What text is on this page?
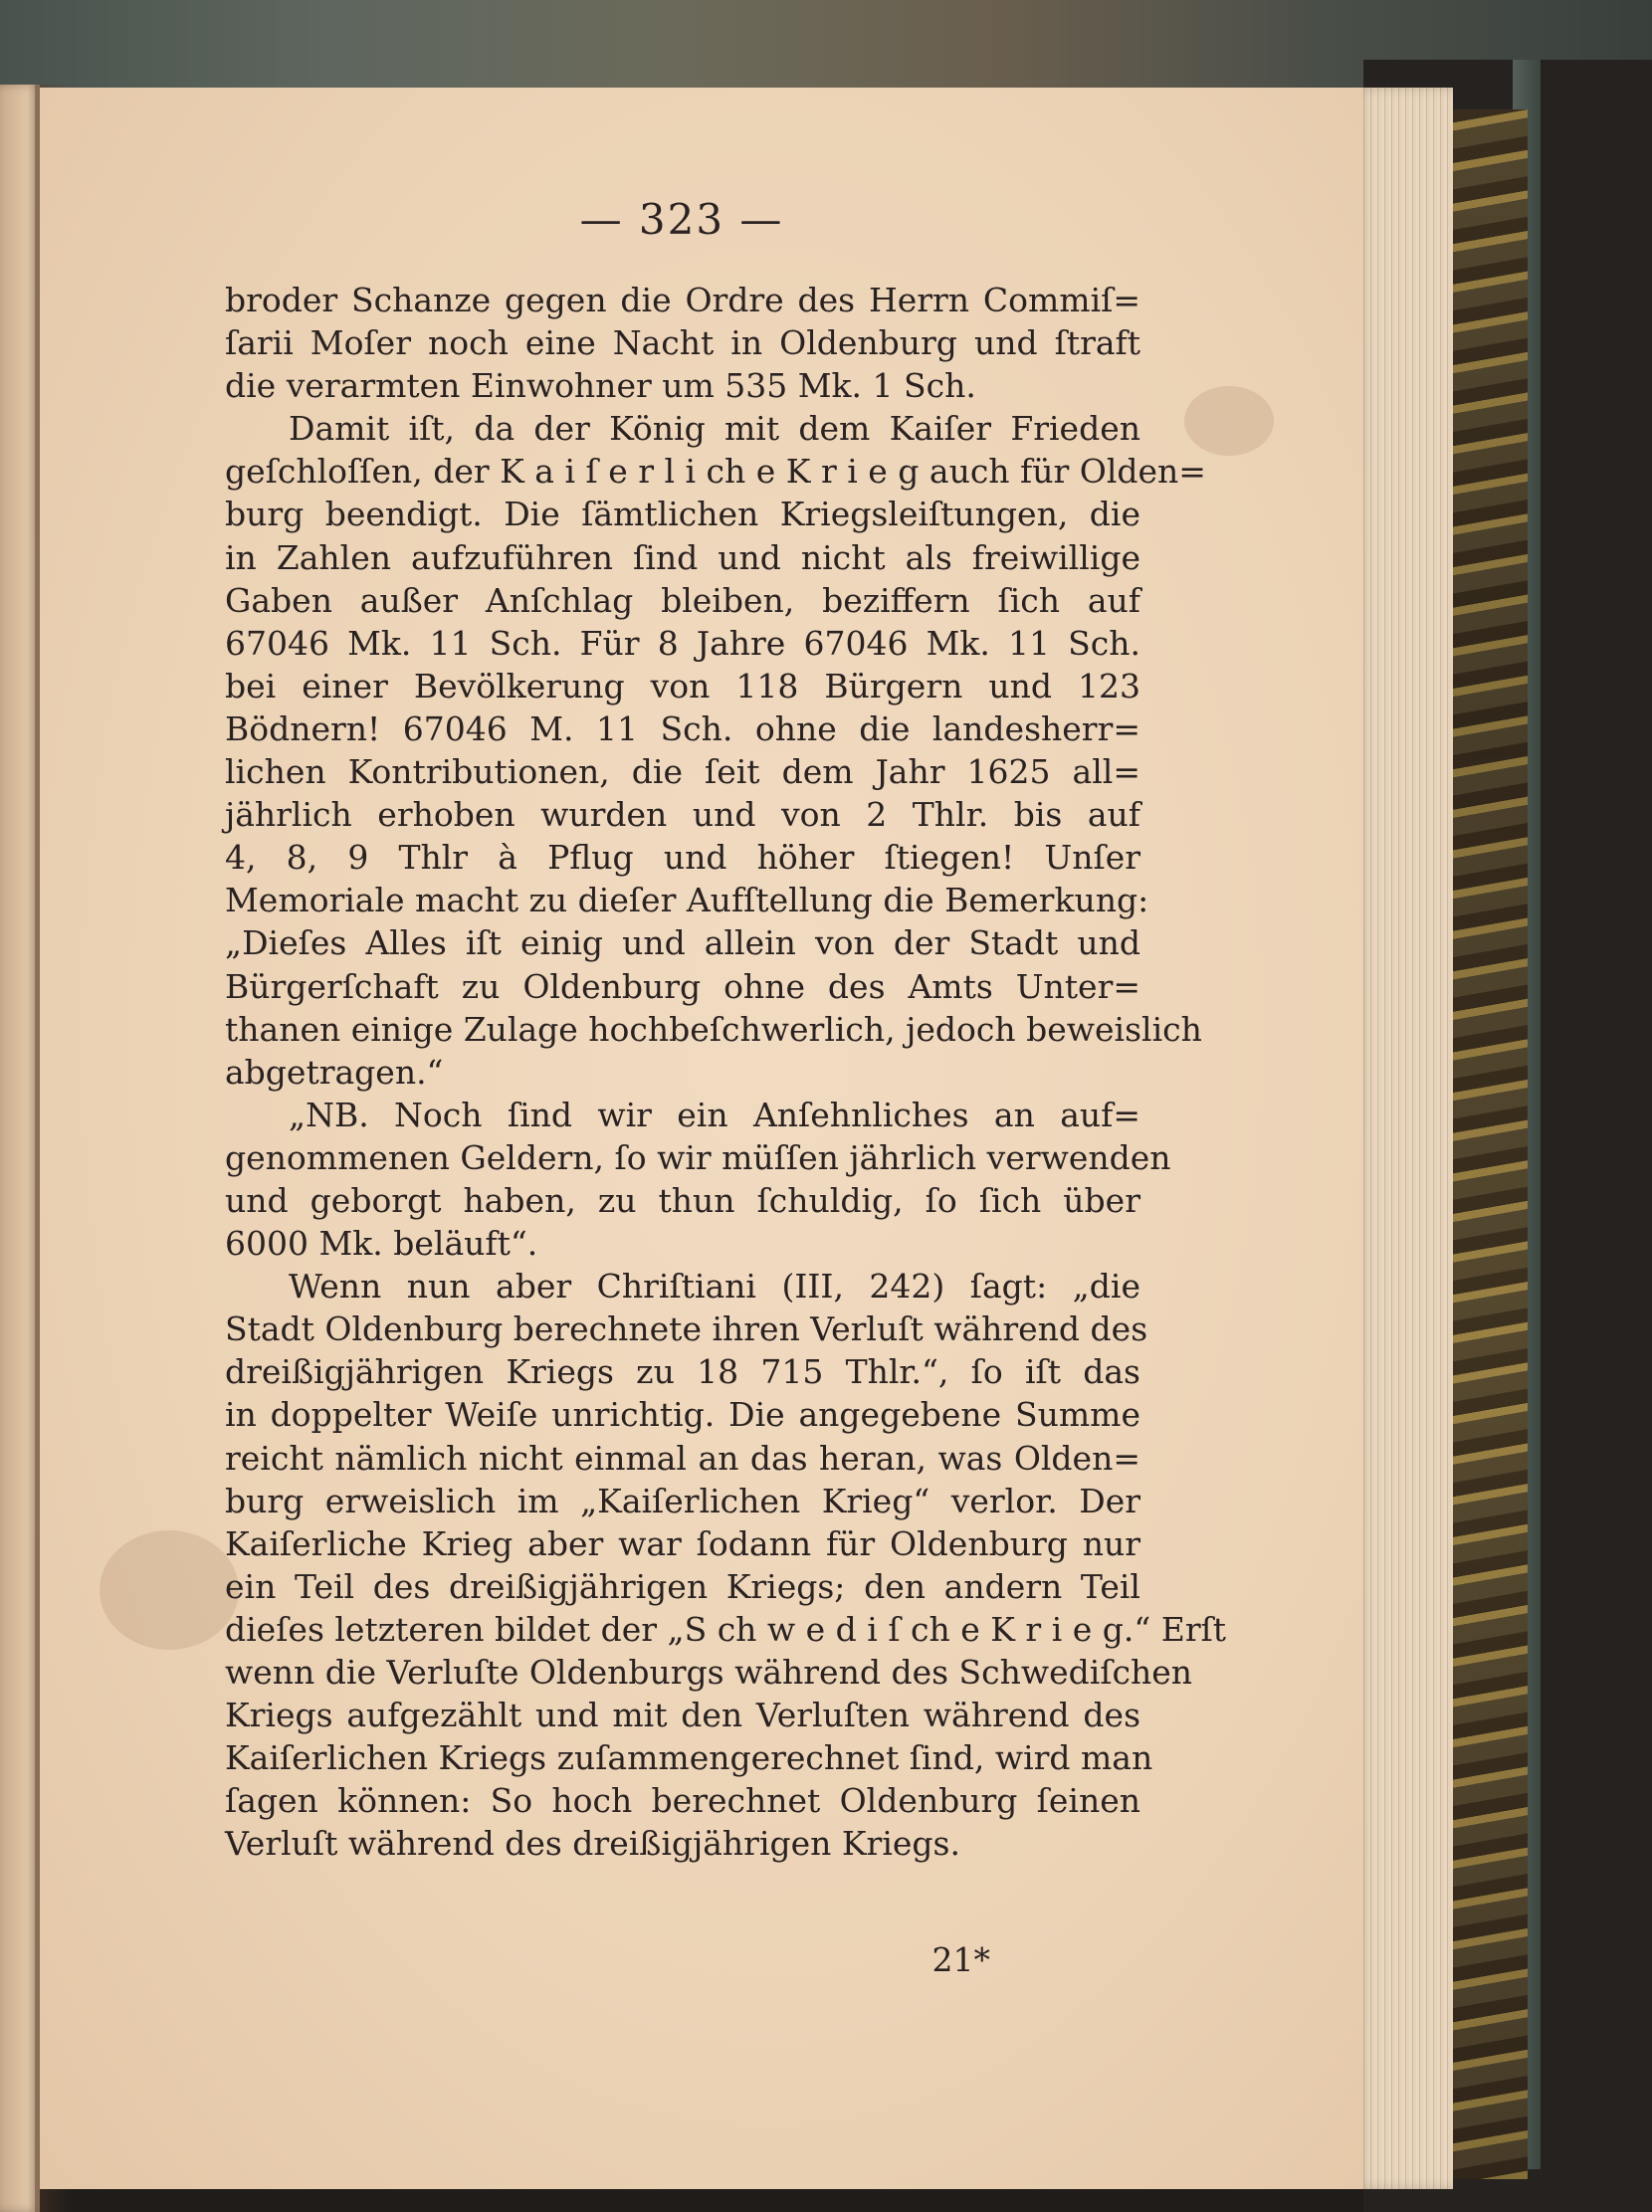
— 323 —
broder Schanze gegen die Ordre des Herrn Commiſ=
ſarii Moſer noch eine Nacht in Oldenburg und ſtraft
die verarmten Einwohner um 535 Mk. 1 Sch.
Damit iſt, da der König mit dem Kaiſer Frieden
geſchloſſen, der K a i ſ e r l i ch e K r i e g auch für Olden=
burg beendigt. Die ſämtlichen Kriegsleiſtungen, die
in Zahlen aufzuführen ſind und nicht als freiwillige
Gaben außer Anſchlag bleiben, beziffern ſich auf
67046 Mk. 11 Sch. Für 8 Jahre 67046 Mk. 11 Sch.
bei einer Bevölkerung von 118 Bürgern und 123
Bödnern! 67046 M. 11 Sch. ohne die landesherr=
lichen Kontributionen, die ſeit dem Jahr 1625 all=
jährlich erhoben wurden und von 2 Thlr. bis auf
4, 8, 9 Thlr à Pflug und höher ſtiegen! Unſer
Memoriale macht zu dieſer Aufſtellung die Bemerkung:
„Dieſes Alles iſt einig und allein von der Stadt und
Bürgerſchaft zu Oldenburg ohne des Amts Unter=
thanen einige Zulage hochbeſchwerlich, jedoch beweislich
abgetragen.“
„NB. Noch ſind wir ein Anſehnliches an auf=
genommenen Geldern, ſo wir müſſen jährlich verwenden
und geborgt haben, zu thun ſchuldig, ſo ſich über
6000 Mk. beläuft“.
Wenn nun aber Chriſtiani (III, 242) ſagt: „die
Stadt Oldenburg berechnete ihren Verluſt während des
dreißigjährigen Kriegs zu 18 715 Thlr.“, ſo iſt das
in doppelter Weiſe unrichtig. Die angegebene Summe
reicht nämlich nicht einmal an das heran, was Olden=
burg erweislich im „Kaiſerlichen Krieg“ verlor. Der
Kaiſerliche Krieg aber war ſodann für Oldenburg nur
ein Teil des dreißigjährigen Kriegs; den andern Teil
dieſes letzteren bildet der „S ch w e d i ſ ch e K r i e g.“ Erſt
wenn die Verluſte Oldenburgs während des Schwediſchen
Kriegs aufgezählt und mit den Verluſten während des
Kaiſerlichen Kriegs zuſammengerechnet ſind, wird man
ſagen können: So hoch berechnet Oldenburg ſeinen
Verluſt während des dreißigjährigen Kriegs.
21*
